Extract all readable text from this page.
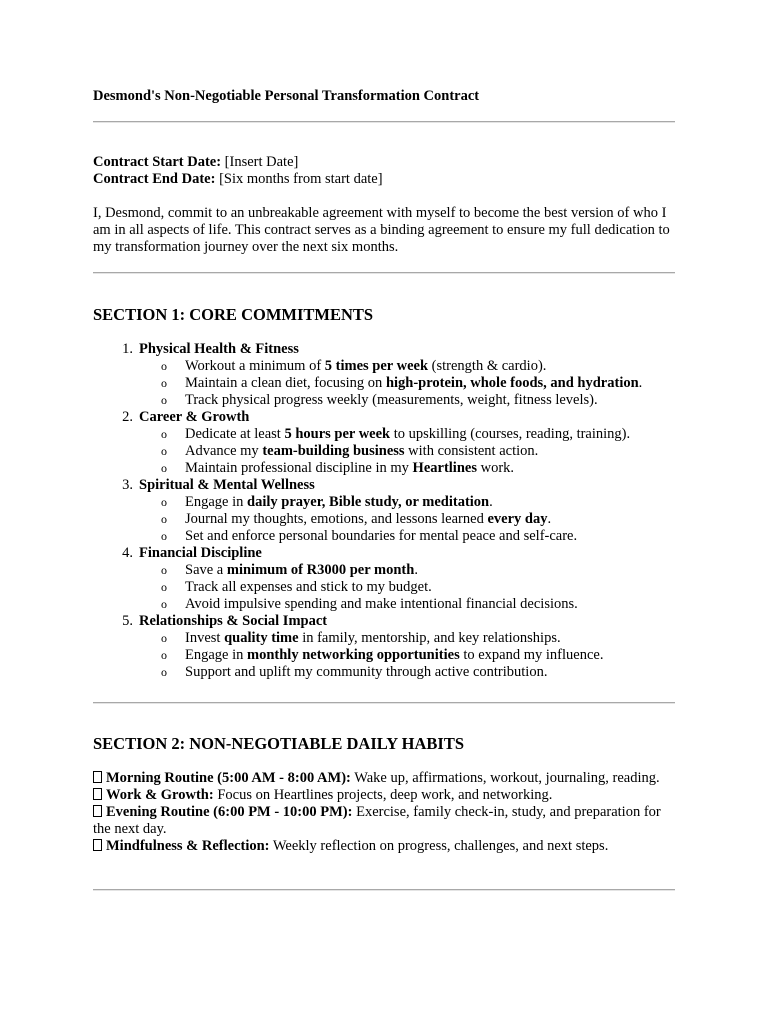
Desmond's Non-Negotiable Personal Transformation Contract
Contract Start Date: [Insert Date]
Contract End Date: [Six months from start date]
I, Desmond, commit to an unbreakable agreement with myself to become the best version of who I am in all aspects of life. This contract serves as a binding agreement to ensure my full dedication to my transformation journey over the next six months.
SECTION 1: CORE COMMITMENTS
1. Physical Health & Fitness
o Workout a minimum of 5 times per week (strength & cardio).
o Maintain a clean diet, focusing on high-protein, whole foods, and hydration.
o Track physical progress weekly (measurements, weight, fitness levels).
2. Career & Growth
o Dedicate at least 5 hours per week to upskilling (courses, reading, training).
o Advance my team-building business with consistent action.
o Maintain professional discipline in my Heartlines work.
3. Spiritual & Mental Wellness
o Engage in daily prayer, Bible study, or meditation.
o Journal my thoughts, emotions, and lessons learned every day.
o Set and enforce personal boundaries for mental peace and self-care.
4. Financial Discipline
o Save a minimum of R3000 per month.
o Track all expenses and stick to my budget.
o Avoid impulsive spending and make intentional financial decisions.
5. Relationships & Social Impact
o Invest quality time in family, mentorship, and key relationships.
o Engage in monthly networking opportunities to expand my influence.
o Support and uplift my community through active contribution.
SECTION 2: NON-NEGOTIABLE DAILY HABITS
Morning Routine (5:00 AM - 8:00 AM): Wake up, affirmations, workout, journaling, reading.
Work & Growth: Focus on Heartlines projects, deep work, and networking.
Evening Routine (6:00 PM - 10:00 PM): Exercise, family check-in, study, and preparation for the next day.
Mindfulness & Reflection: Weekly reflection on progress, challenges, and next steps.
